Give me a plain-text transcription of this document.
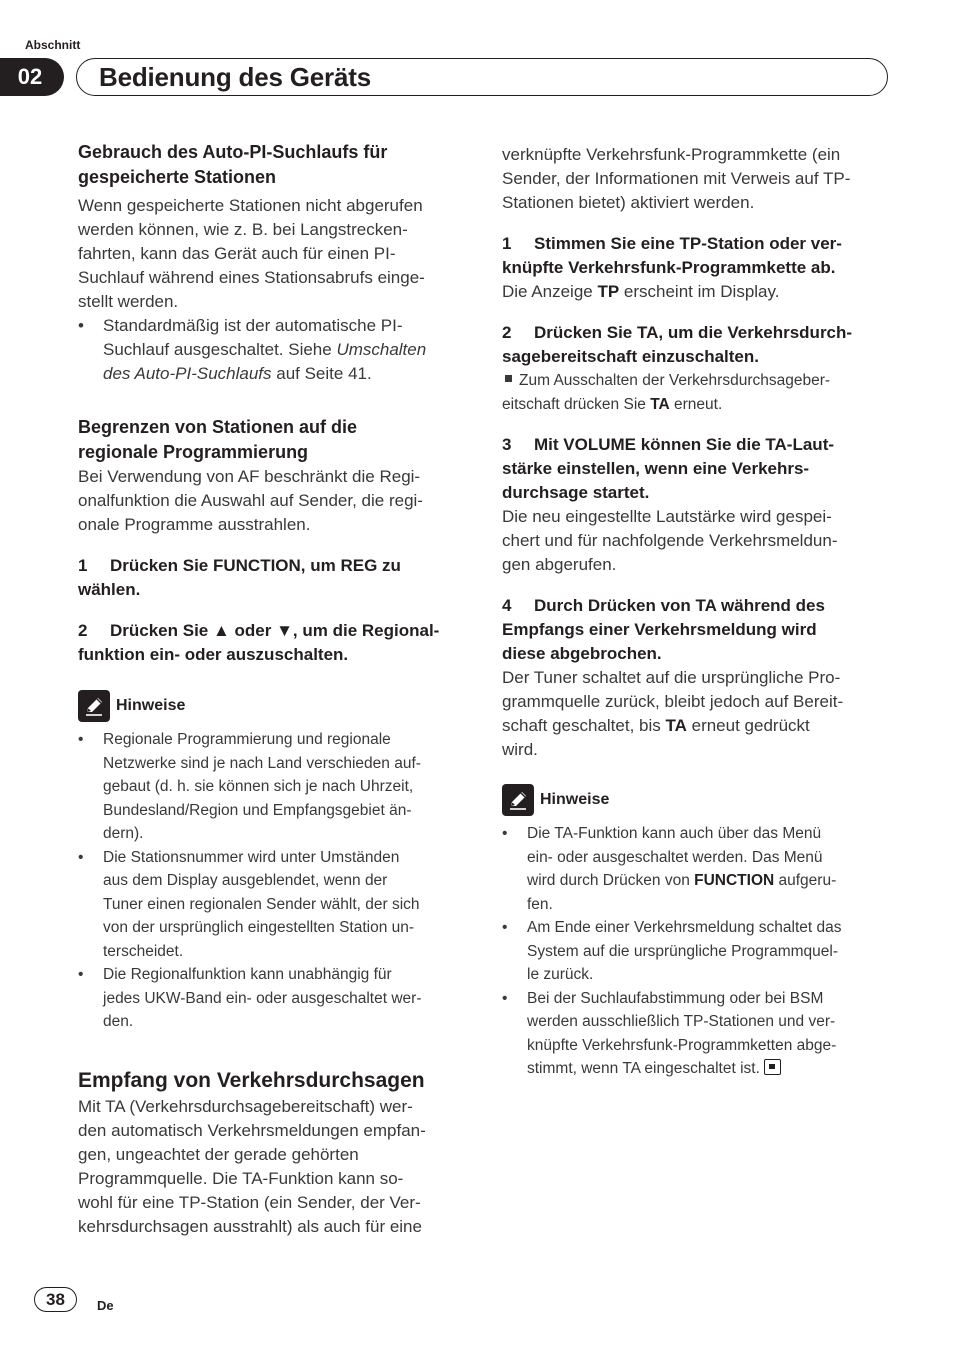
Abschnitt
02	Bedienung des Geräts
Gebrauch des Auto-PI-Suchlaufs für
gespeicherte Stationen
Wenn gespeicherte Stationen nicht abgerufen
werden können, wie z. B. bei Langstrecken-
fahrten, kann das Gerät auch für einen PI-
Suchlauf während eines Stationsabrufs einge-
stellt werden.
• Standardmäßig ist der automatische PI-
Suchlauf ausgeschaltet. Siehe Umschalten
des Auto-PI-Suchlaufs auf Seite 41.
Begrenzen von Stationen auf die
regionale Programmierung
Bei Verwendung von AF beschränkt die Regi-
onalfunktion die Auswahl auf Sender, die regi-
onale Programme ausstrahlen.
1 Drücken Sie FUNCTION, um REG zu
wählen.
2 Drücken Sie ▲ oder ▼, um die Regional-
funktion ein- oder auszuschalten.
Hinweise
• Regionale Programmierung und regionale
Netzwerke sind je nach Land verschieden auf-
gebaut (d. h. sie können sich je nach Uhrzeit,
Bundesland/Region und Empfangsgebiet än-
dern).
• Die Stationsnummer wird unter Umständen
aus dem Display ausgeblendet, wenn der
Tuner einen regionalen Sender wählt, der sich
von der ursprünglich eingestellten Station un-
terscheidet.
• Die Regionalfunktion kann unabhängig für
jedes UKW-Band ein- oder ausgeschaltet wer-
den.
Empfang von Verkehrsdurchsagen
Mit TA (Verkehrsdurchsagebereitschaft) wer-
den automatisch Verkehrsmeldungen empfan-
gen, ungeachtet der gerade gehörten
Programmquelle. Die TA-Funktion kann so-
wohl für eine TP-Station (ein Sender, der Ver-
kehrsdurchsagen ausstrahlt) als auch für eine
verknüpfte Verkehrsfunk-Programmkette (ein
Sender, der Informationen mit Verweis auf TP-
Stationen bietet) aktiviert werden.
1 Stimmen Sie eine TP-Station oder ver-
knüpfte Verkehrsfunk-Programmkette ab.
Die Anzeige TP erscheint im Display.
2 Drücken Sie TA, um die Verkehrsdurch-
sagebereitschaft einzuschalten.
Zum Ausschalten der Verkehrsdurchsageber-
eitschaft drücken Sie TA erneut.
3 Mit VOLUME können Sie die TA-Laut-
stärke einstellen, wenn eine Verkehrs-
durchsage startet.
Die neu eingestellte Lautstärke wird gespei-
chert und für nachfolgende Verkehrsmeldun-
gen abgerufen.
4 Durch Drücken von TA während des
Empfangs einer Verkehrsmeldung wird
diese abgebrochen.
Der Tuner schaltet auf die ursprüngliche Pro-
grammquelle zurück, bleibt jedoch auf Bereit-
schaft geschaltet, bis TA erneut gedrückt
wird.
Hinweise
• Die TA-Funktion kann auch über das Menü
ein- oder ausgeschaltet werden. Das Menü
wird durch Drücken von FUNCTION aufgeru-
fen.
• Am Ende einer Verkehrsmeldung schaltet das
System auf die ursprüngliche Programmquel-
le zurück.
• Bei der Suchlaufabstimmung oder bei BSM
werden ausschließlich TP-Stationen und ver-
knüpfte Verkehrsfunk-Programmketten abge-
stimmt, wenn TA eingeschaltet ist.
38	De
